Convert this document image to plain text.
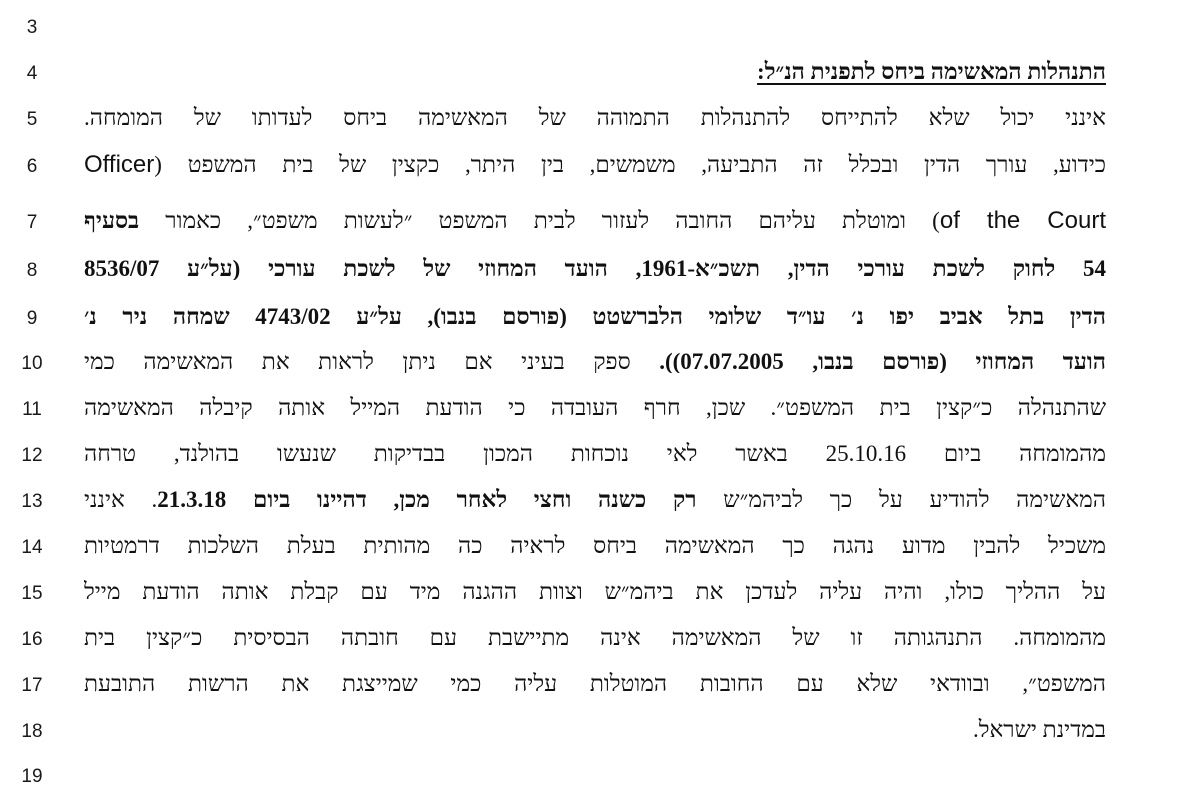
3
4
5
6
7
8
9
10
11
12
13
14
15
16
17
18
19
התנהלות המאשימה ביחס לתפנית הנ״ל:
אינני יכול שלא להתייחס להתנהלות התמוהה של המאשימה ביחס לעדותו של המומחה.
כידוע, עורך הדין ובכלל זה התביעה, משמשים, בין היתר, כקצין של בית המשפט (Officer
of the Court) ומוטלת עליהם החובה לעזור לבית המשפט ״לעשות משפט״, כאמור בסעיף
54 לחוק לשכת עורכי הדין, תשכ״א-1961, הועד המחוזי של לשכת עורכי (על״ע 8536/07
הדין בתל אביב יפו נ׳ עו״ד שלומי הלברשטט (פורסם בנבו), על״ע 4743/02 שמחה ניר נ׳
הועד המחוזי (פורסם בנבו, 07.07.2005)). ספק בעיני אם ניתן לראות את המאשימה כמי
שהתנהלה כ״קצין בית המשפט״. שכן, חרף העובדה כי הודעת המייל אותה קיבלה המאשימה
מהמומחה ביום 25.10.16 באשר לאי נוכחות המכון בבדיקות שנעשו בהולנד, טרחה
המאשימה להודיע על כך לביהמ״ש רק כשנה וחצי לאחר מכן, דהיינו ביום 21.3.18. אינני
משכיל להבין מדוע נהגה כך המאשימה ביחס לראיה כה מהותית בעלת השלכות דרמטיות
על ההליך כולו, והיה עליה לעדכן את ביהמ״ש וצוות ההגנה מיד עם קבלת אותה הודעת מייל
מהמומחה. התנהגותה זו של המאשימה אינה מתיישבת עם חובתה הבסיסית כ״קצין בית
המשפט״, ובוודאי שלא עם החובות המוטלות עליה כמי שמייצגת את הרשות התובעת
במדינת ישראל.
